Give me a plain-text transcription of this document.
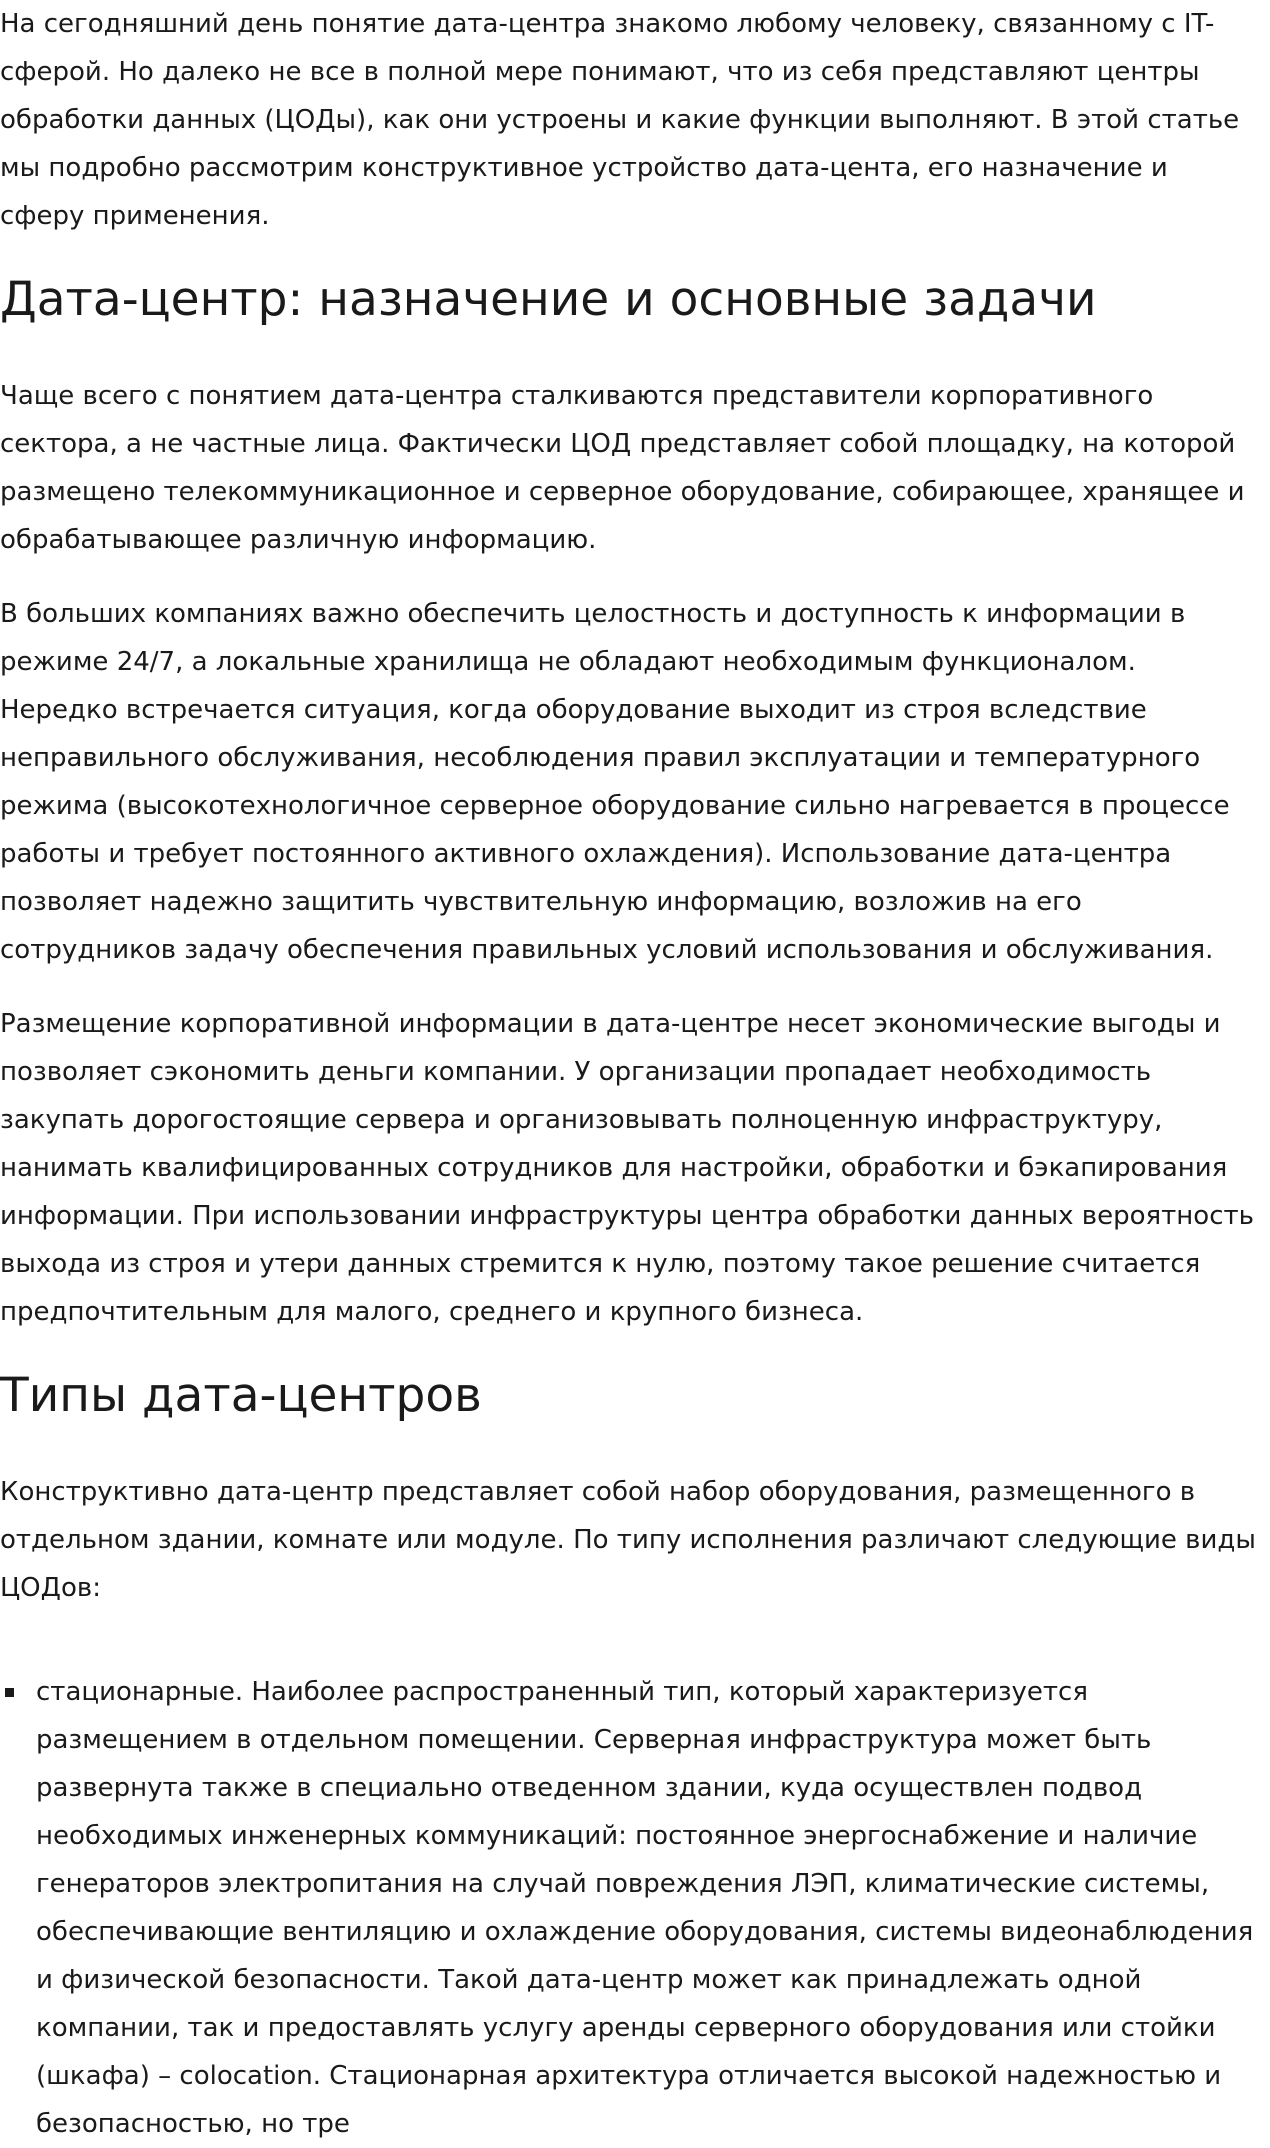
На сегодняшний день понятие дата-центра знакомо любому человеку, связанному с IT-сферой. Но далеко не все в полной мере понимают, что из себя представляют центры обработки данных (ЦОДы), как они устроены и какие функции выполняют. В этой статье мы подробно рассмотрим конструктивное устройство дата-цента, его назначение и сферу применения.

Дата-центр: назначение и основные задачи

Чаще всего с понятием дата-центра сталкиваются представители корпоративного сектора, а не частные лица. Фактически ЦОД представляет собой площадку, на которой размещено телекоммуникационное и серверное оборудование, собирающее, хранящее и обрабатывающее различную информацию.

В больших компаниях важно обеспечить целостность и доступность к информации в режиме 24/7, а локальные хранилища не обладают необходимым функционалом. Нередко встречается ситуация, когда оборудование выходит из строя вследствие неправильного обслуживания, несоблюдения правил эксплуатации и температурного режима (высокотехнологичное серверное оборудование сильно нагревается в процессе работы и требует постоянного активного охлаждения). Использование дата-центра позволяет надежно защитить чувствительную информацию, возложив на его сотрудников задачу обеспечения правильных условий использования и обслуживания.

Размещение корпоративной информации в дата-центре несет экономические выгоды и позволяет сэкономить деньги компании. У организации пропадает необходимость закупать дорогостоящие сервера и организовывать полноценную инфраструктуру, нанимать квалифицированных сотрудников для настройки, обработки и бэкапирования информации. При использовании инфраструктуры центра обработки данных вероятность выхода из строя и утери данных стремится к нулю, поэтому такое решение считается предпочтительным для малого, среднего и крупного бизнеса.

Типы дата-центров

Конструктивно дата-центр представляет собой набор оборудования, размещенного в отдельном здании, комнате или модуле. По типу исполнения различают следующие виды ЦОДов:

стационарные. Наиболее распространенный тип, который характеризуется размещением в отдельном помещении. Серверная инфраструктура может быть развернута также в специально отведенном здании, куда осуществлен подвод необходимых инженерных коммуникаций: постоянное энергоснабжение и наличие генераторов электропитания на случай повреждения ЛЭП, климатические системы, обеспечивающие вентиляцию и охлаждение оборудования, системы видеонаблюдения и физической безопасности. Такой дата-центр может как принадлежать одной компании, так и предоставлять услугу аренды серверного оборудования или стойки (шкафа) – colocation. Стационарная архитектура отличается высокой надежностью и безопасностью, но тре
